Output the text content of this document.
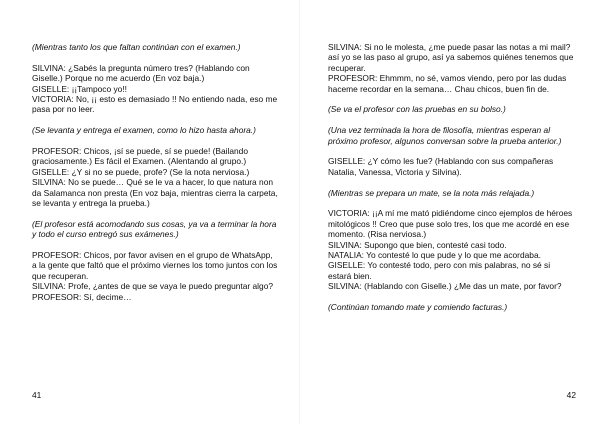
(Mientras tanto los que faltan continúan con el examen.)

SILVINA: ¿Sabés la pregunta número tres? (Hablando con Giselle.) Porque no me acuerdo (En voz baja.)

GISELLE: ¡¡Tampoco yo!!

VICTORIA: No, ¡¡ esto es demasiado !! No entiendo nada, eso me pasa por no leer.

(Se levanta y entrega el examen, como lo hizo hasta ahora.)

PROFESOR: Chicos, ¡sí se puede, sí se puede! (Bailando graciosamente.) Es fácil el Examen. (Alentando al grupo.)

GISELLE: ¿Y si no se puede, profe? (Se la nota nerviosa.)

SILVINA: No se puede… Qué se le va a hacer, lo que natura non da Salamanca non presta (En voz baja, mientras cierra la carpeta, se levanta y entrega la prueba.)

(El profesor está acomodando sus cosas, ya va a terminar la hora y todo el curso entregó sus exámenes.)

PROFESOR: Chicos, por favor avisen en el grupo de WhatsApp, a la gente que faltó que el próximo viernes los tomo juntos con los que recuperan.

SILVINA: Profe, ¿antes de que se vaya le puedo preguntar algo?

PROFESOR: Sí, decime…

41

SILVINA: Si no le molesta, ¿me puede pasar las notas a mi mail? así yo se las paso al grupo, así ya sabemos quiénes tenemos que recuperar.

PROFESOR: Ehmmm, no sé, vamos viendo, pero por las dudas haceme recordar en la semana… Chau chicos, buen fin de.

(Se va el profesor con las pruebas en su bolso.)

(Una vez terminada la hora de filosofía, mientras esperan al próximo profesor, algunos conversan sobre la prueba anterior.)

GISELLE: ¿Y cómo les fue? (Hablando con sus compañeras Natalia, Vanessa, Victoria y Silvina).

(Mientras se prepara un mate, se la nota más relajada.)

VICTORIA: ¡¡A mí me mató pidiéndome cinco ejemplos de héroes mitológicos !! Creo que puse solo tres, los que me acordé en ese momento. (Risa nerviosa.)

SILVINA: Supongo que bien, contesté casi todo.

NATALIA: Yo contesté lo que pude y lo que me acordaba.

GISELLE: Yo contesté todo, pero con mis palabras, no sé si estará bien.

SILVINA: (Hablando con Giselle.) ¿Me das un mate, por favor?

(Continúan tomando mate y comiendo facturas.)

42
